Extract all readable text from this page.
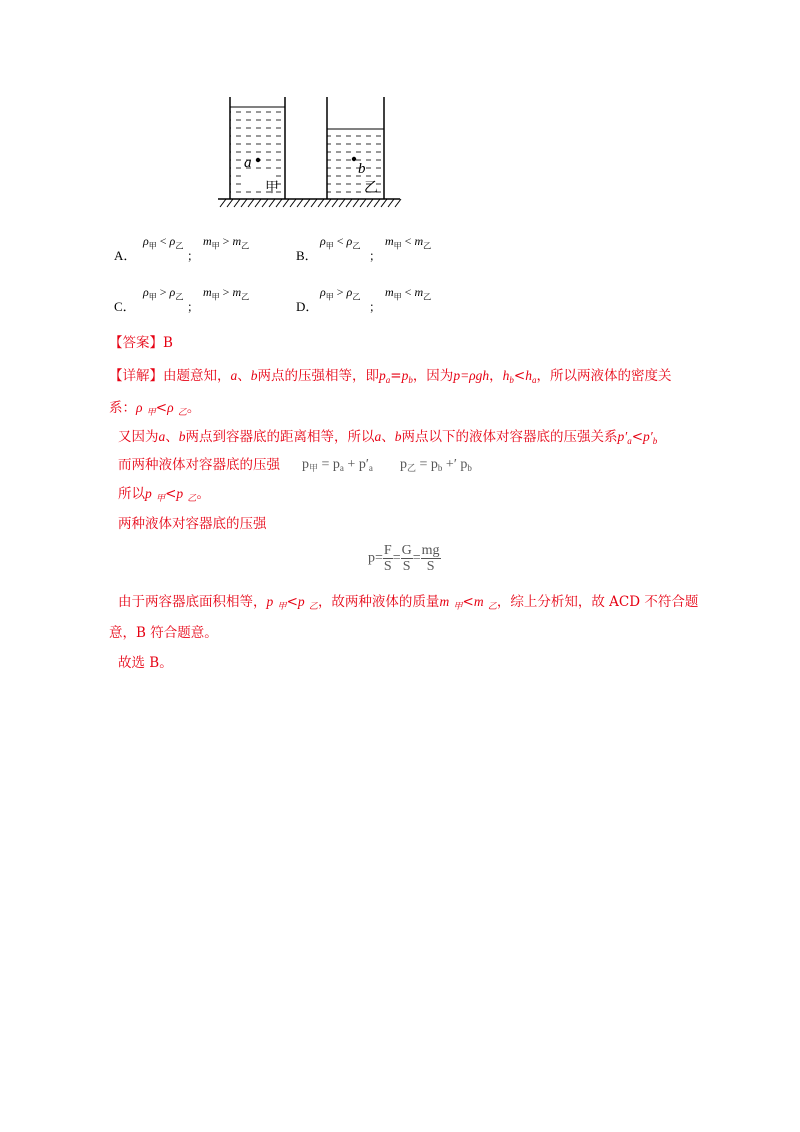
a	b
甲	乙
A．
$\rho_甲 < \rho_乙$
；
$m_甲 > m_乙$
B．
$\rho_甲 < \rho_乙$
；
$m_甲 < m_乙$
C．
$\rho_甲 > \rho_乙$
；
$m_甲 > m_乙$
D．
$\rho_甲 > \rho_乙$
；
$m_甲 < m_乙$
【答案】B
【详解】由题意知，a、b两点的压强相等，即$p_a=p_b$，因为p=ρgh，$h_b<h_a$，所以两液体的密度关
系：ρ $_甲$<ρ $_乙$。
又因为a、b两点到容器底的距离相等，所以a、b两点以下的液体对容器底的压强关系$p'_a<p'_b$
而两种液体对容器底的压强 $p_甲 = p_a + p'_a$ $p_乙 = p_b$ +′ $p_b$
所以p $_甲$<p $_乙$。
两种液体对容器底的压强
$p= \frac{F}{S} = \frac{G}{S} = \frac{mg}{S}$
由于两容器底面积相等，p $_甲$<p $_乙$，故两种液体的质量m $_甲$<m $_乙$，综上分析知，故 ACD 不符合题
意，B 符合题意。
故选 B。
